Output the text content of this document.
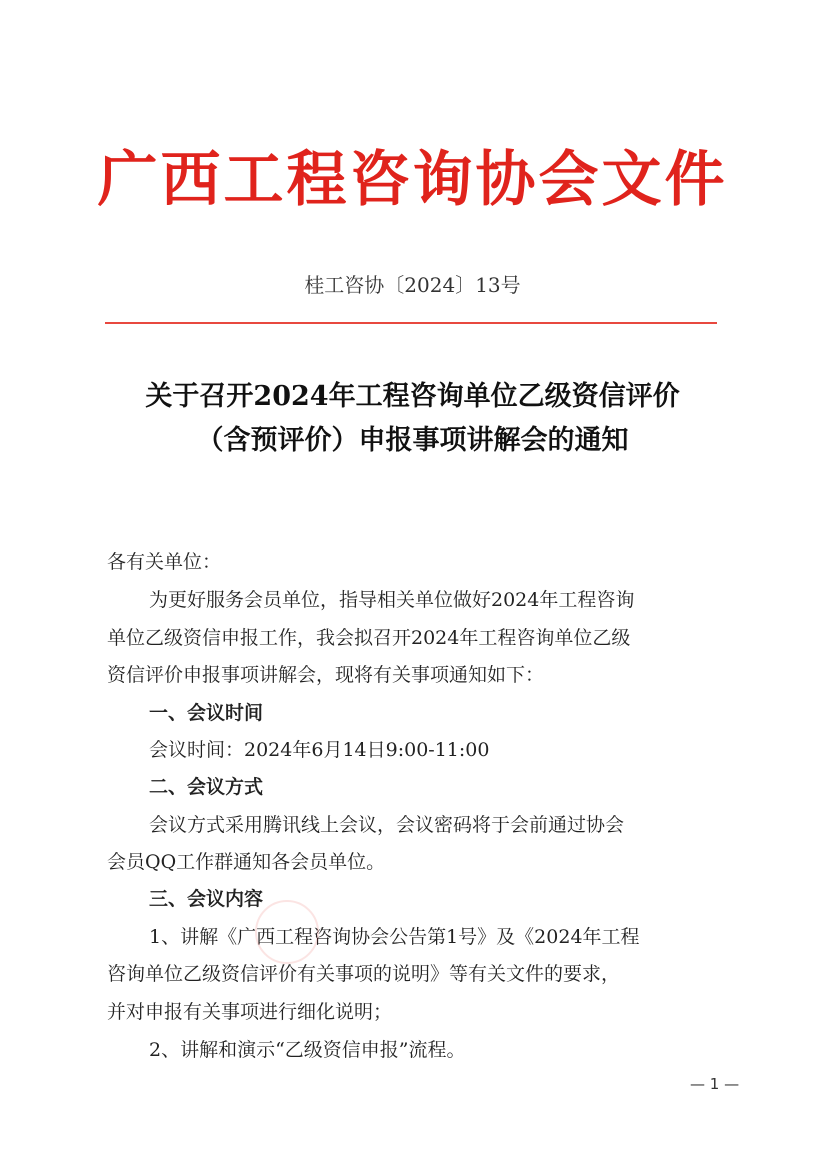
广西工程咨询协会文件
桂工咨协〔2024〕13号
关于召开2024年工程咨询单位乙级资信评价
（含预评价）申报事项讲解会的通知
各有关单位：
为更好服务会员单位，指导相关单位做好2024年工程咨询
单位乙级资信申报工作，我会拟召开2024年工程咨询单位乙级
资信评价申报事项讲解会，现将有关事项通知如下：
一、会议时间
会议时间：2024年6月14日9:00-11:00
二、会议方式
会议方式采用腾讯线上会议，会议密码将于会前通过协会
会员QQ工作群通知各会员单位。
三、会议内容
1、讲解《广西工程咨询协会公告第1号》及《2024年工程
咨询单位乙级资信评价有关事项的说明》等有关文件的要求，
并对申报有关事项进行细化说明；
2、讲解和演示“乙级资信申报”流程。
— 1 —
